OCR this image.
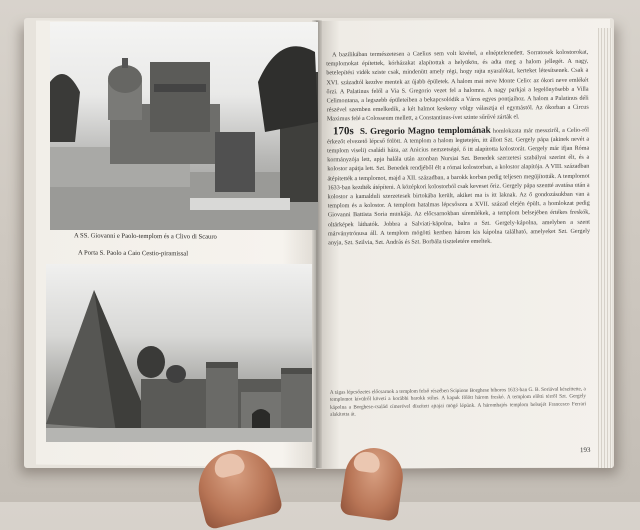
A SS. Giovanni e Paolo-templom és a Clivo di Scauro
A Porta S. Paolo a Caio Cestio-piramissal

A bazilikában természetesen a Caelius sem volt kivétel, a elnéptelenedett. Sorratosek kolostorokat, templomokat építettek, kórházakat alapítottak a helyükön, és adta meg a halom jellegét. A nagy, betelepítési vidék sziste csak, mindenütt amely régi, hogy rajta nyaralókat, kerteket létesítsenek. Csak a XVI. századtól kezdve mentek az újabb épületek. A halom mai neve Monte Celio: az ókori neve emlékét őrzi. A Palatinus felől a Via S. Gregorio vezet fel a halomra. A nagy parkjai a legelőnyösebb a Villa Celimontana, a legszebb épületeiben a bekapcsolódik a Város egyes pontjaihoz. A halom a Palatinus déli részével szemben emelkedik, a két halmot keskeny völgy választja el egymástól. Az ókorban a Circus Maximus felé a Colosseum mellett, a Constantinus-ívet szinte sűrűvé zárták el.

170s S. Gregorio Magno templomának homlokzata már messziről, a Celio-ról érkezőt elvezető lépcső fölött. A templom a halom legtetején, itt állott Szt. Gergely pápa (akinek nevét a templom viseli) családi háza, az Anicius nemzetségé, ő itt alapította kolostorát. Gergely már ifjan Róma kormányzója lett, apja halála után azonban Nursiai Szt. Benedek szerzetesi szabályai szerint élt, és a kolostor apátja lett. Szt. Benedek rendjéből élt a római kolostorban, a kolostor alapítója. A VIII. században átépítették a templomot, majd a XII. században, a barokk korban pedig teljesen megújították. A templomot 1633-ban kezdték átépíteni. A középkori kolostorból csak keveset őriz. Gergely pápa szentté avatása után a kolostor a kamalduli szerzetesek birtokába került, akiket ma is itt laknak. Az ő gondozásukban van a templom és a kolostor. A templom hatalmas lépcsősora a XVII. század elején épült, a homlokzat pedig Giovanni Battista Soria munkája. Az előcsarnokban síremlékek, a templom belsejében értékes freskók, oltárképek láthatók. Jobbra a Salviati-kápolna, balra a Szt. Gergely-kápolna, amelyben a szent márványtrónusa áll. A templom mögötti kertben három kis kápolna található, amelyeket Szt. Gergely anyja, Szt. Szilvia, Szt. András és Szt. Borbála tiszteletére emeltek.

A tágas lépcsőzetes előcsarnok a templom felső részében Scipione Borghese bíboros 1633-ban G. B. Soriával készíttette, a templomot kívülről követi a korábbi barokk stílus. A kapuk fölött három freskó. A templom előtti térről Szt. Gergely kápolna a Borghese-család címerével díszített ajtajai mögé lépünk. A háromhajós templom belsejét Francesco Ferrari alakította át.
193
